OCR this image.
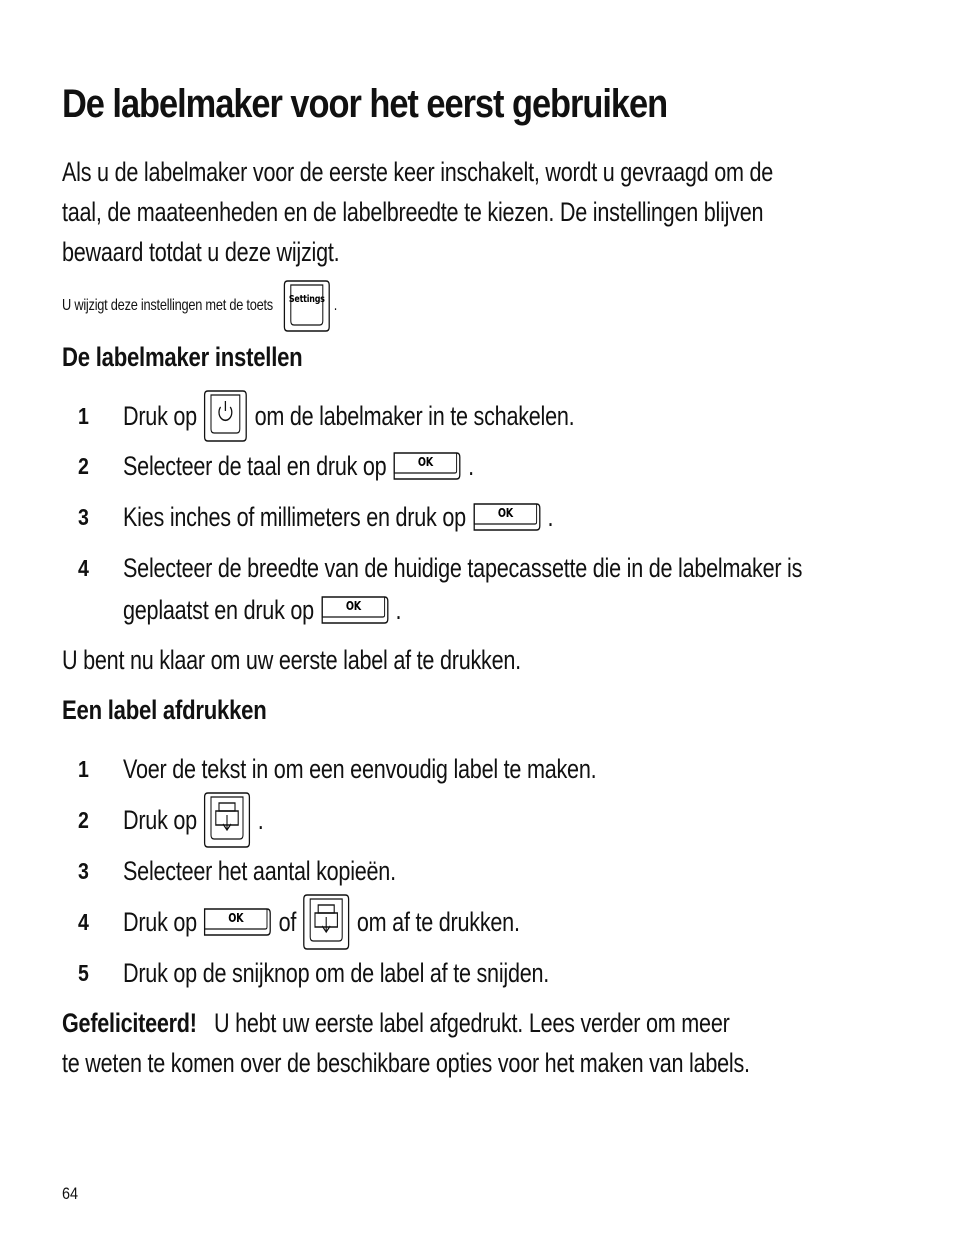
De labelmaker voor het eerst gebruiken

Als u de labelmaker voor de eerste keer inschakelt, wordt u gevraagd om de
taal, de maateenheden en de labelbreedte te kiezen. De instellingen blijven
bewaard totdat u deze wijzigt.

U wijzigt deze instellingen met de toets Settings .
De labelmaker instellen
1 Druk op om de labelmaker in te schakelen.
2 Selecteer de taal en druk op	OK .
3 Kies inches of millimeters en druk op	OK .
4 Selecteer de breedte van de huidige tapecassette die in de labelmaker is
geplaatst en druk op	OK .

U bent nu klaar om uw eerste label af te drukken.

Een label afdrukken
1 Voer de tekst in om een eenvoudig label te maken.
2 Druk op .
3 Selecteer het aantal kopieën.
4 Druk op	OK of om af te drukken.
5 Druk op de snijknop om de label af te snijden.

Gefeliciteerd! U hebt uw eerste label afgedrukt. Lees verder om meer
te weten te komen over de beschikbare opties voor het maken van labels.

64
